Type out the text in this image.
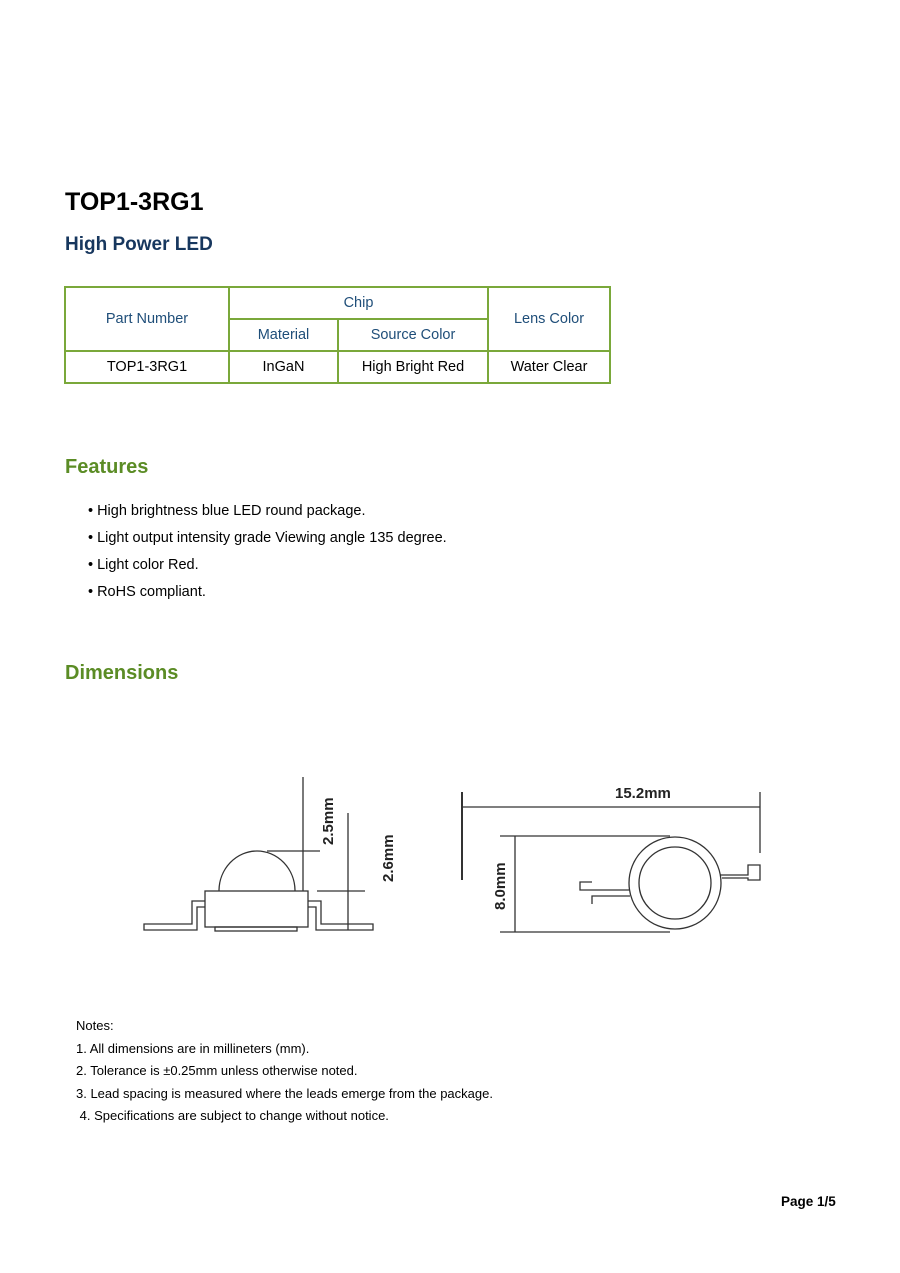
TOP1-3RG1
High Power LED
Part Number	Chip		Lens Color
	Material	Source Color	
TOP1-3RG1	InGaN	High Bright Red	Water Clear
Features
• High brightness blue LED round package.
• Light output intensity grade Viewing angle 135 degree.
• Light color Red.
• RoHS compliant.
Dimensions
2.5mm
2.6mm
15.2mm
8.0mm
Notes:
1. All dimensions are in millineters (mm).
2. Tolerance is ±0.25mm unless otherwise noted.
3. Lead spacing is measured where the leads emerge from the package.
4. Specifications are subject to change without notice.
Page 1/5
